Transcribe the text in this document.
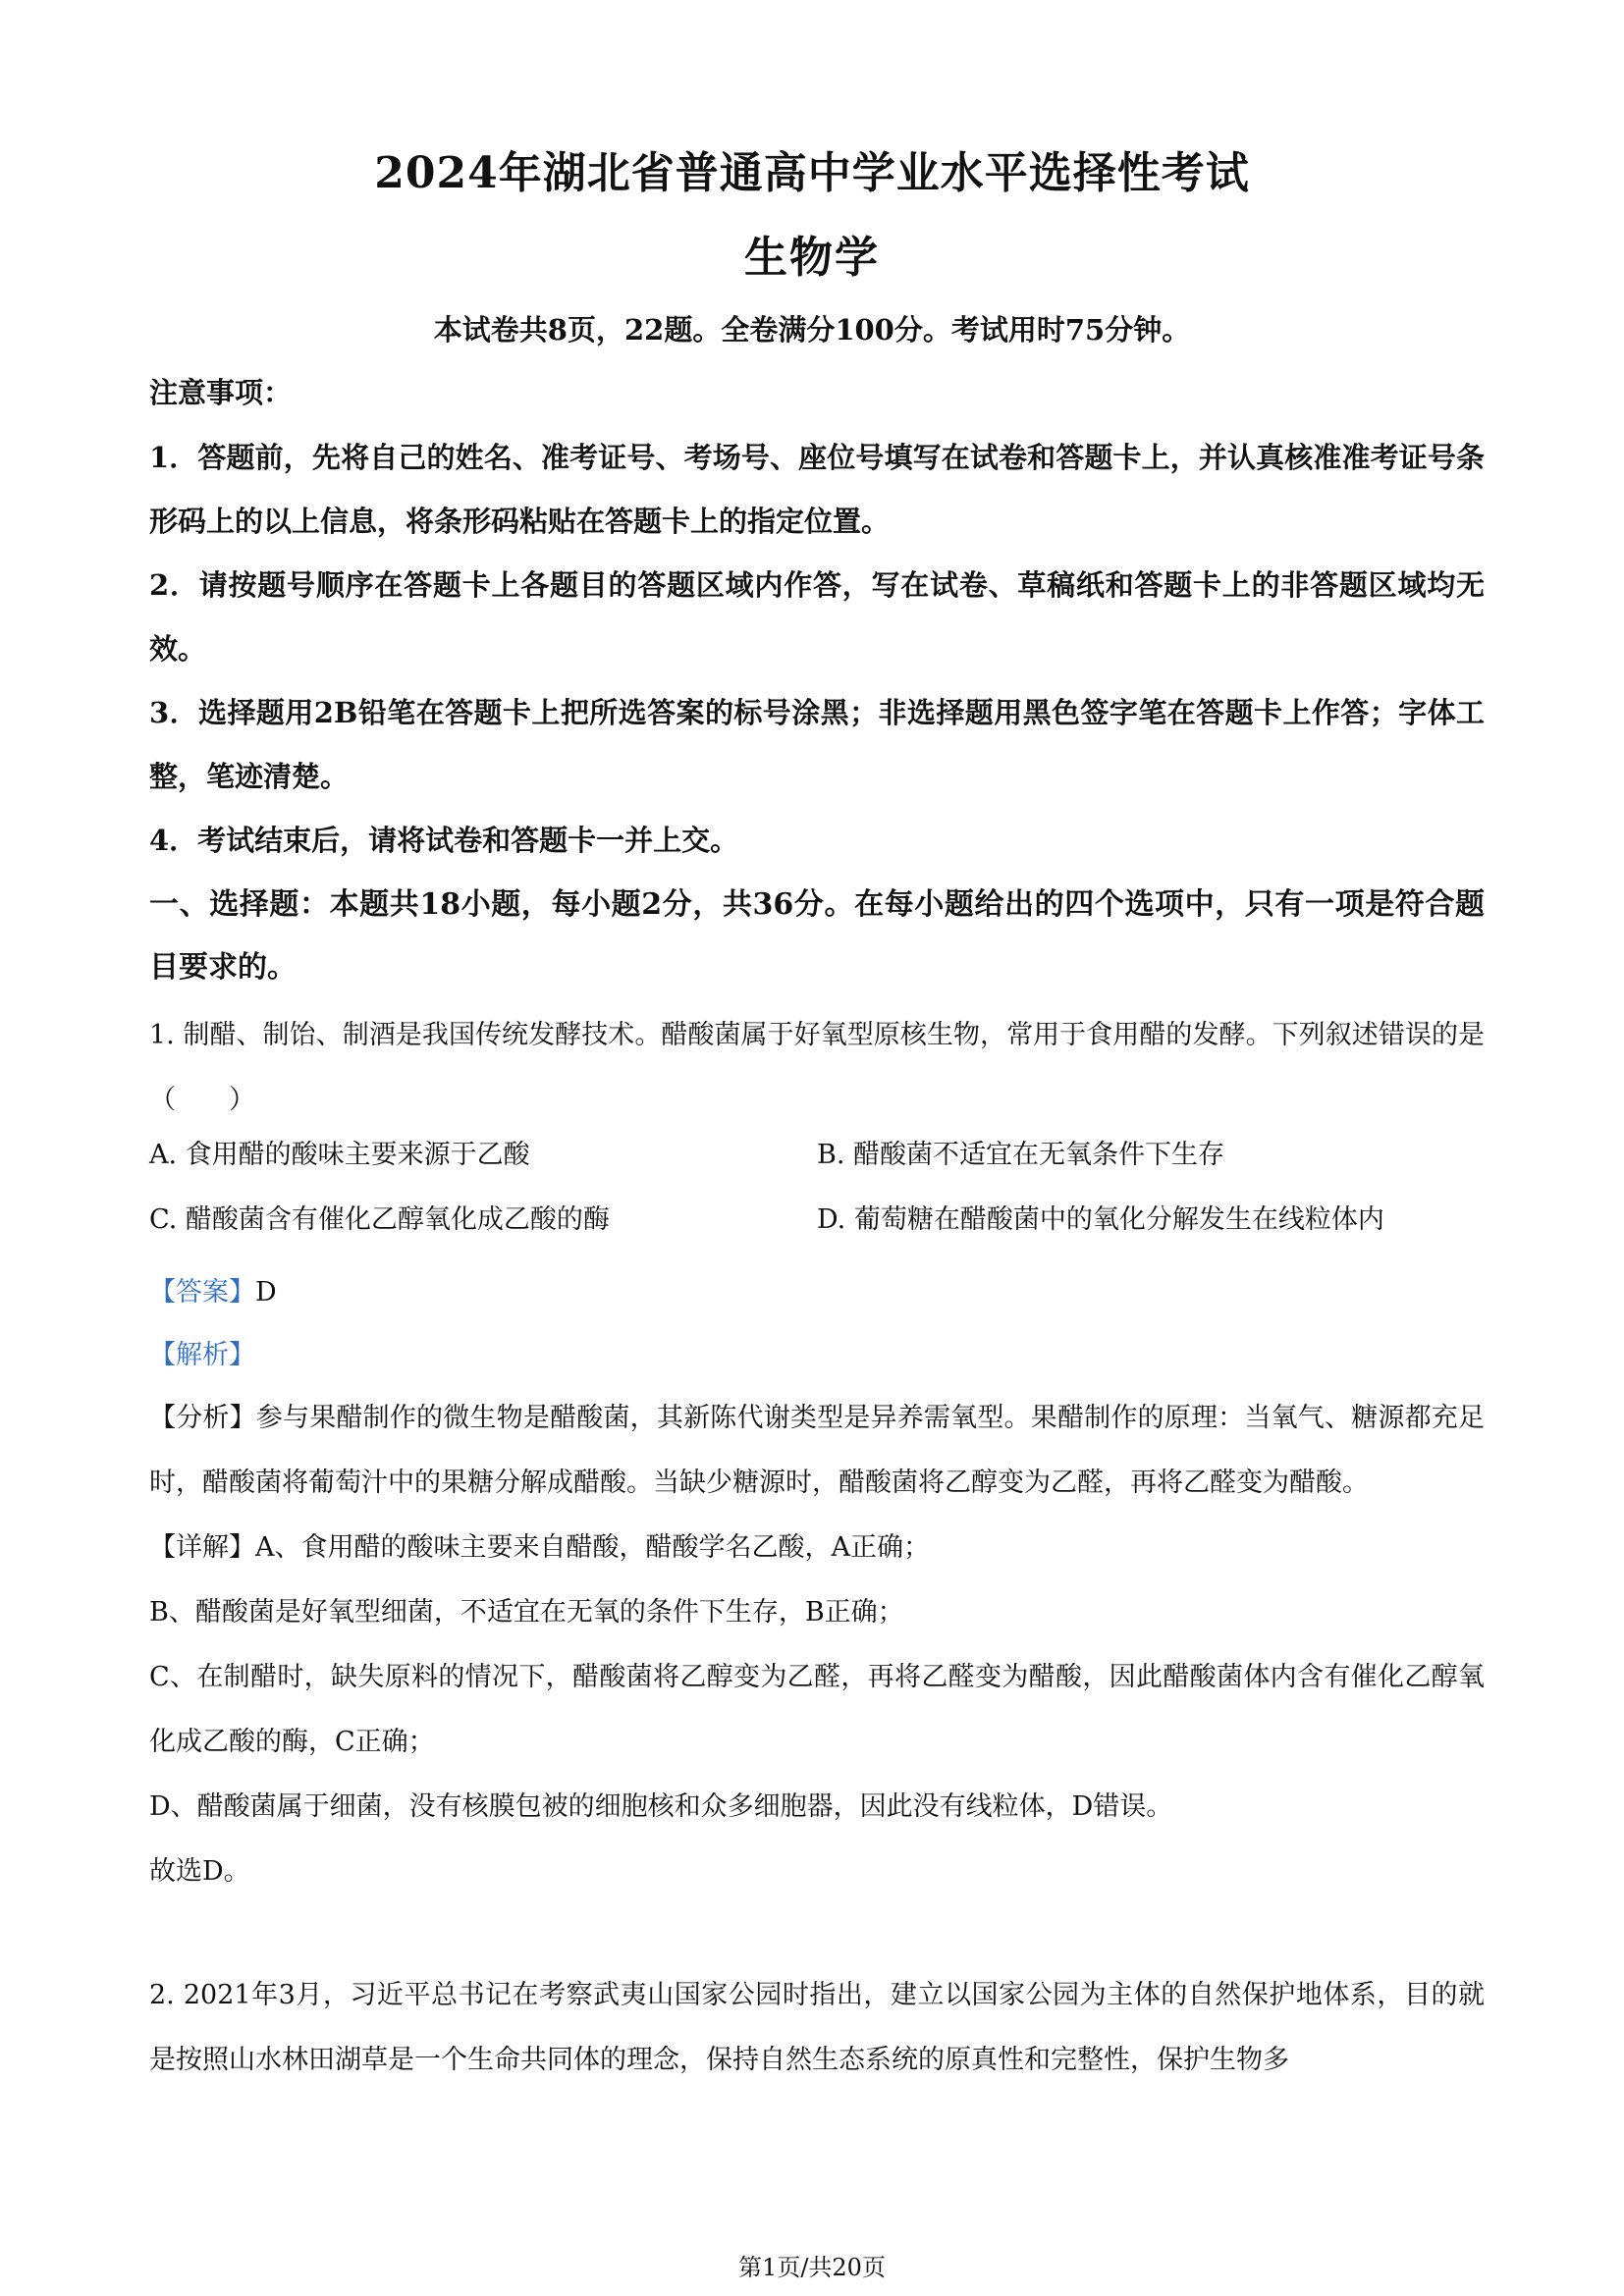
2024年湖北省普通高中学业水平选择性考试
生物学
本试卷共8页，22题。全卷满分100分。考试用时75分钟。
注意事项：

1．答题前，先将自己的姓名、准考证号、考场号、座位号填写在试卷和答题卡上，并认真核准准考证号条形码上的以上信息，将条形码粘贴在答题卡上的指定位置。

2．请按题号顺序在答题卡上各题目的答题区域内作答，写在试卷、草稿纸和答题卡上的非答题区域均无效。

3．选择题用2B铅笔在答题卡上把所选答案的标号涂黑；非选择题用黑色签字笔在答题卡上作答；字体工整，笔迹清楚。

4．考试结束后，请将试卷和答题卡一并上交。

一、选择题：本题共18小题，每小题2分，共36分。在每小题给出的四个选项中，只有一项是符合题目要求的。

1. 制醋、制饴、制酒是我国传统发酵技术。醋酸菌属于好氧型原核生物，常用于食用醋的发酵。下列叙述错误的是（　　）

A. 食用醋的酸味主要来源于乙酸	B. 醋酸菌不适宜在无氧条件下生存
C. 醋酸菌含有催化乙醇氧化成乙酸的酶	D. 葡萄糖在醋酸菌中的氧化分解发生在线粒体内
【答案】D
【解析】

【分析】参与果醋制作的微生物是醋酸菌，其新陈代谢类型是异养需氧型。果醋制作的原理：当氧气、糖源都充足时，醋酸菌将葡萄汁中的果糖分解成醋酸。当缺少糖源时，醋酸菌将乙醇变为乙醛，再将乙醛变为醋酸。

【详解】A、食用醋的酸味主要来自醋酸，醋酸学名乙酸，A正确；

B、醋酸菌是好氧型细菌，不适宜在无氧的条件下生存，B正确；

C、在制醋时，缺失原料的情况下，醋酸菌将乙醇变为乙醛，再将乙醛变为醋酸，因此醋酸菌体内含有催化乙醇氧化成乙酸的酶，C正确；

D、醋酸菌属于细菌，没有核膜包被的细胞核和众多细胞器，因此没有线粒体，D错误。

故选D。

2. 2021年3月，习近平总书记在考察武夷山国家公园时指出，建立以国家公园为主体的自然保护地体系，目的就是按照山水林田湖草是一个生命共同体的理念，保持自然生态系统的原真性和完整性，保护生物多

第1页/共20页
